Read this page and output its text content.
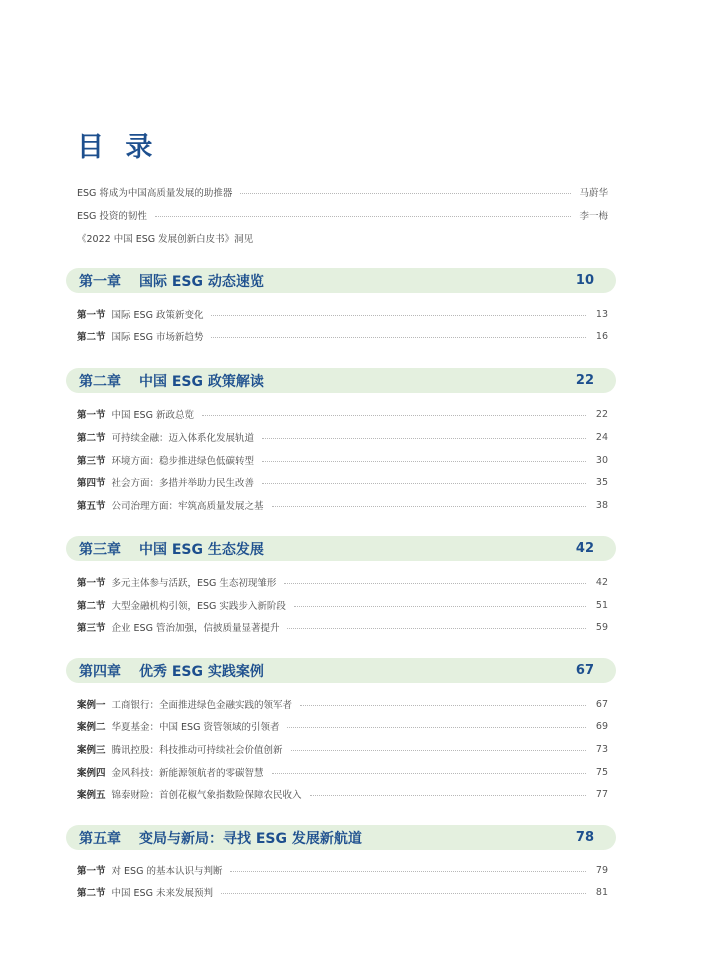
目 录
ESG 将成为中国高质量发展的助推器	马蔚华
ESG 投资的韧性	李一梅
《2022 中国 ESG 发展创新白皮书》洞见
第一章 国际 ESG 动态速览	10
第一节 国际 ESG 政策新变化	13
第二节 国际 ESG 市场新趋势	16
第二章 中国 ESG 政策解读	22
第一节 中国 ESG 新政总览	22
第二节 可持续金融：迈入体系化发展轨道	24
第三节 环境方面：稳步推进绿色低碳转型	30
第四节 社会方面：多措并举助力民生改善	35
第五节 公司治理方面：牢筑高质量发展之基	38
第三章 中国 ESG 生态发展	42
第一节 多元主体参与活跃，ESG 生态初现雏形	42
第二节 大型金融机构引领，ESG 实践步入新阶段	51
第三节 企业 ESG 管治加强，信披质量显著提升	59
第四章 优秀 ESG 实践案例	67
案例一 工商银行：全面推进绿色金融实践的领军者	67
案例二 华夏基金：中国 ESG 资管领域的引领者	69
案例三 腾讯控股：科技推动可持续社会价值创新	73
案例四 金风科技：新能源领航者的零碳智慧	75
案例五 锦泰财险：首创花椒气象指数险保障农民收入	77
第五章 变局与新局：寻找 ESG 发展新航道	78
第一节 对 ESG 的基本认识与判断	79
第二节 中国 ESG 未来发展预判	81
